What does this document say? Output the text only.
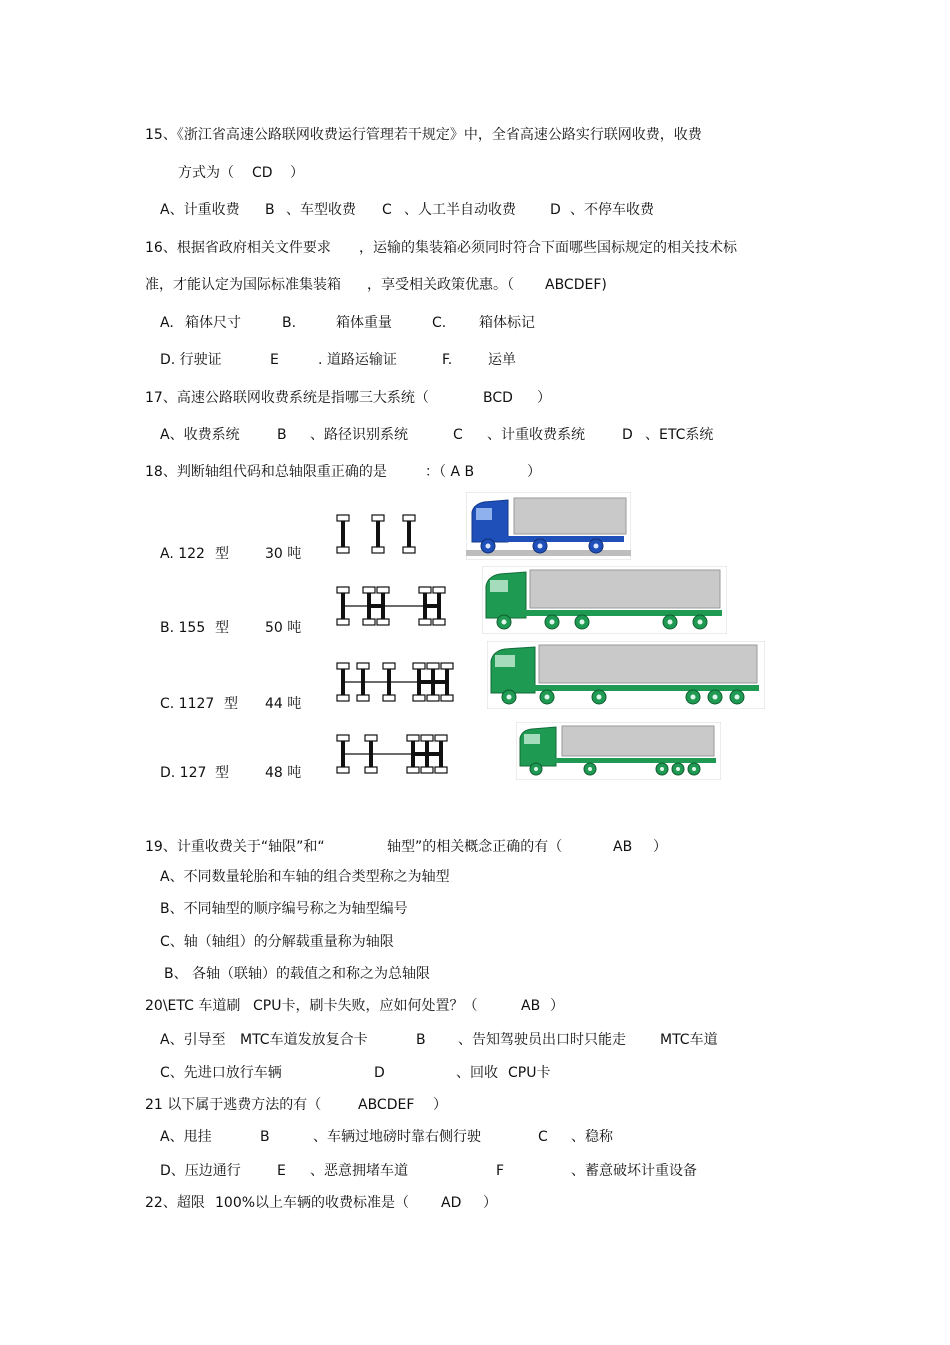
15、《浙江省高速公路联网收费运行管理若干规定》中，全省高速公路实行联网收费，收费
方式为（ CD ）
A、计重收费 B 、车型收费 C 、人工半自动收费 D 、不停车收费
16、根据省政府相关文件要求 ，运输的集装箱必须同时符合下面哪些国标规定的相关技术标
准，才能认定为国际标准集装箱 ，享受相关政策优惠。（ ABCDEF)
A. 箱体尺寸	B.	箱体重量	C. 箱体标记
D. 行驶证	E	. 道路运输证	F.	运单
17、高速公路联网收费系统是指哪三大系统（	BCD ）
A、收费系统	B 、路径识别系统	C 、计重收费系统	D 、ETC系统
18、判断轴组代码和总轴限重正确的是	：（ A B	）
A. 122 型	30 吨
B. 155 型	50 吨
C. 1127 型 44 吨
D. 127 型	48 吨
19、计重收费关于“轴限”和“	轴型”的相关概念正确的有（	AB ）
A、不同数量轮胎和车轴的组合类型称之为轴型
B、不同轴型的顺序编号称之为轴型编号
C、轴（轴组）的分解载重量称为轴限
B、 各轴（联轴）的载值之和称之为总轴限
20\ETC 车道刷 CPU卡，刷卡失败，应如何处置？（	AB ）
A、引导至 MTC车道发放复合卡	B 、告知驾驶员出口时只能走 MTC车道
C、先进口放行车辆	D	、回收 CPU卡
21 以下属于逃费方法的有（	ABCDEF ）
A、甩挂	B	、车辆过地磅时靠右侧行驶	C 、稳称
D、压边通行	E 、恶意拥堵车道	F	、蓄意破坏计重设备
22、超限 100%以上车辆的收费标准是（ AD ）
